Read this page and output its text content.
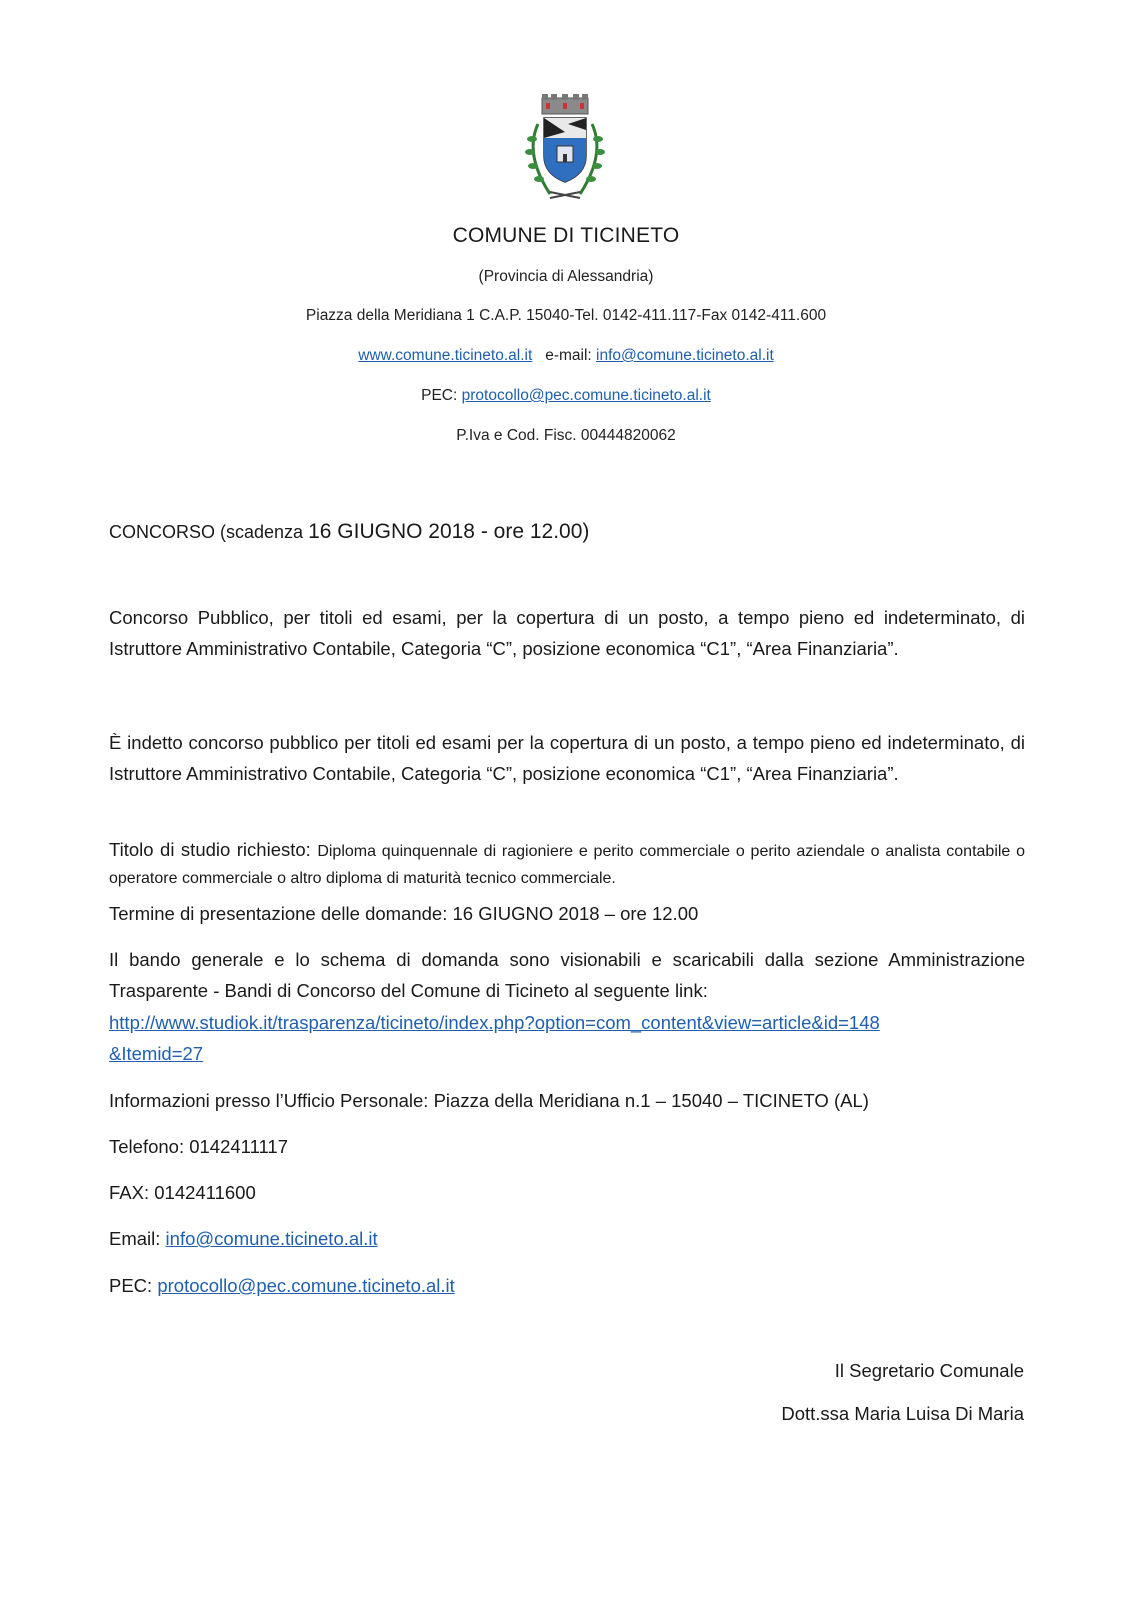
COMUNE DI TICINETO
(Provincia di Alessandria)
Piazza della Meridiana 1 C.A.P. 15040-Tel. 0142-411.117-Fax 0142-411.600
www.comune.ticineto.al.it e-mail: info@comune.ticineto.al.it
PEC: protocollo@pec.comune.ticineto.al.it
P.Iva e Cod. Fisc. 00444820062
CONCORSO (scadenza 16 GIUGNO 2018 - ore 12.00)

Concorso Pubblico, per titoli ed esami, per la copertura di un posto, a tempo pieno ed indeterminato, di Istruttore Amministrativo Contabile, Categoria “C”, posizione economica “C1”, “Area Finanziaria”.

È indetto concorso pubblico per titoli ed esami per la copertura di un posto, a tempo pieno ed indeterminato, di Istruttore Amministrativo Contabile, Categoria “C”, posizione economica “C1”, “Area Finanziaria”.

Titolo di studio richiesto: Diploma quinquennale di ragioniere e perito commerciale o perito aziendale o analista contabile o operatore commerciale o altro diploma di maturità tecnico commerciale.

Termine di presentazione delle domande: 16 GIUGNO 2018 – ore 12.00

Il bando generale e lo schema di domanda sono visionabili e scaricabili dalla sezione Amministrazione Trasparente - Bandi di Concorso del Comune di Ticineto al seguente link:

http://www.studiok.it/trasparenza/ticineto/index.php?option=com_content&view=article&id=148
&Itemid=27

Informazioni presso l’Ufficio Personale: Piazza della Meridiana n.1 – 15040 – TICINETO (AL)

Telefono: 0142411117

FAX: 0142411600

Email: info@comune.ticineto.al.it

PEC: protocollo@pec.comune.ticineto.al.it

Il Segretario Comunale
Dott.ssa Maria Luisa Di Maria
